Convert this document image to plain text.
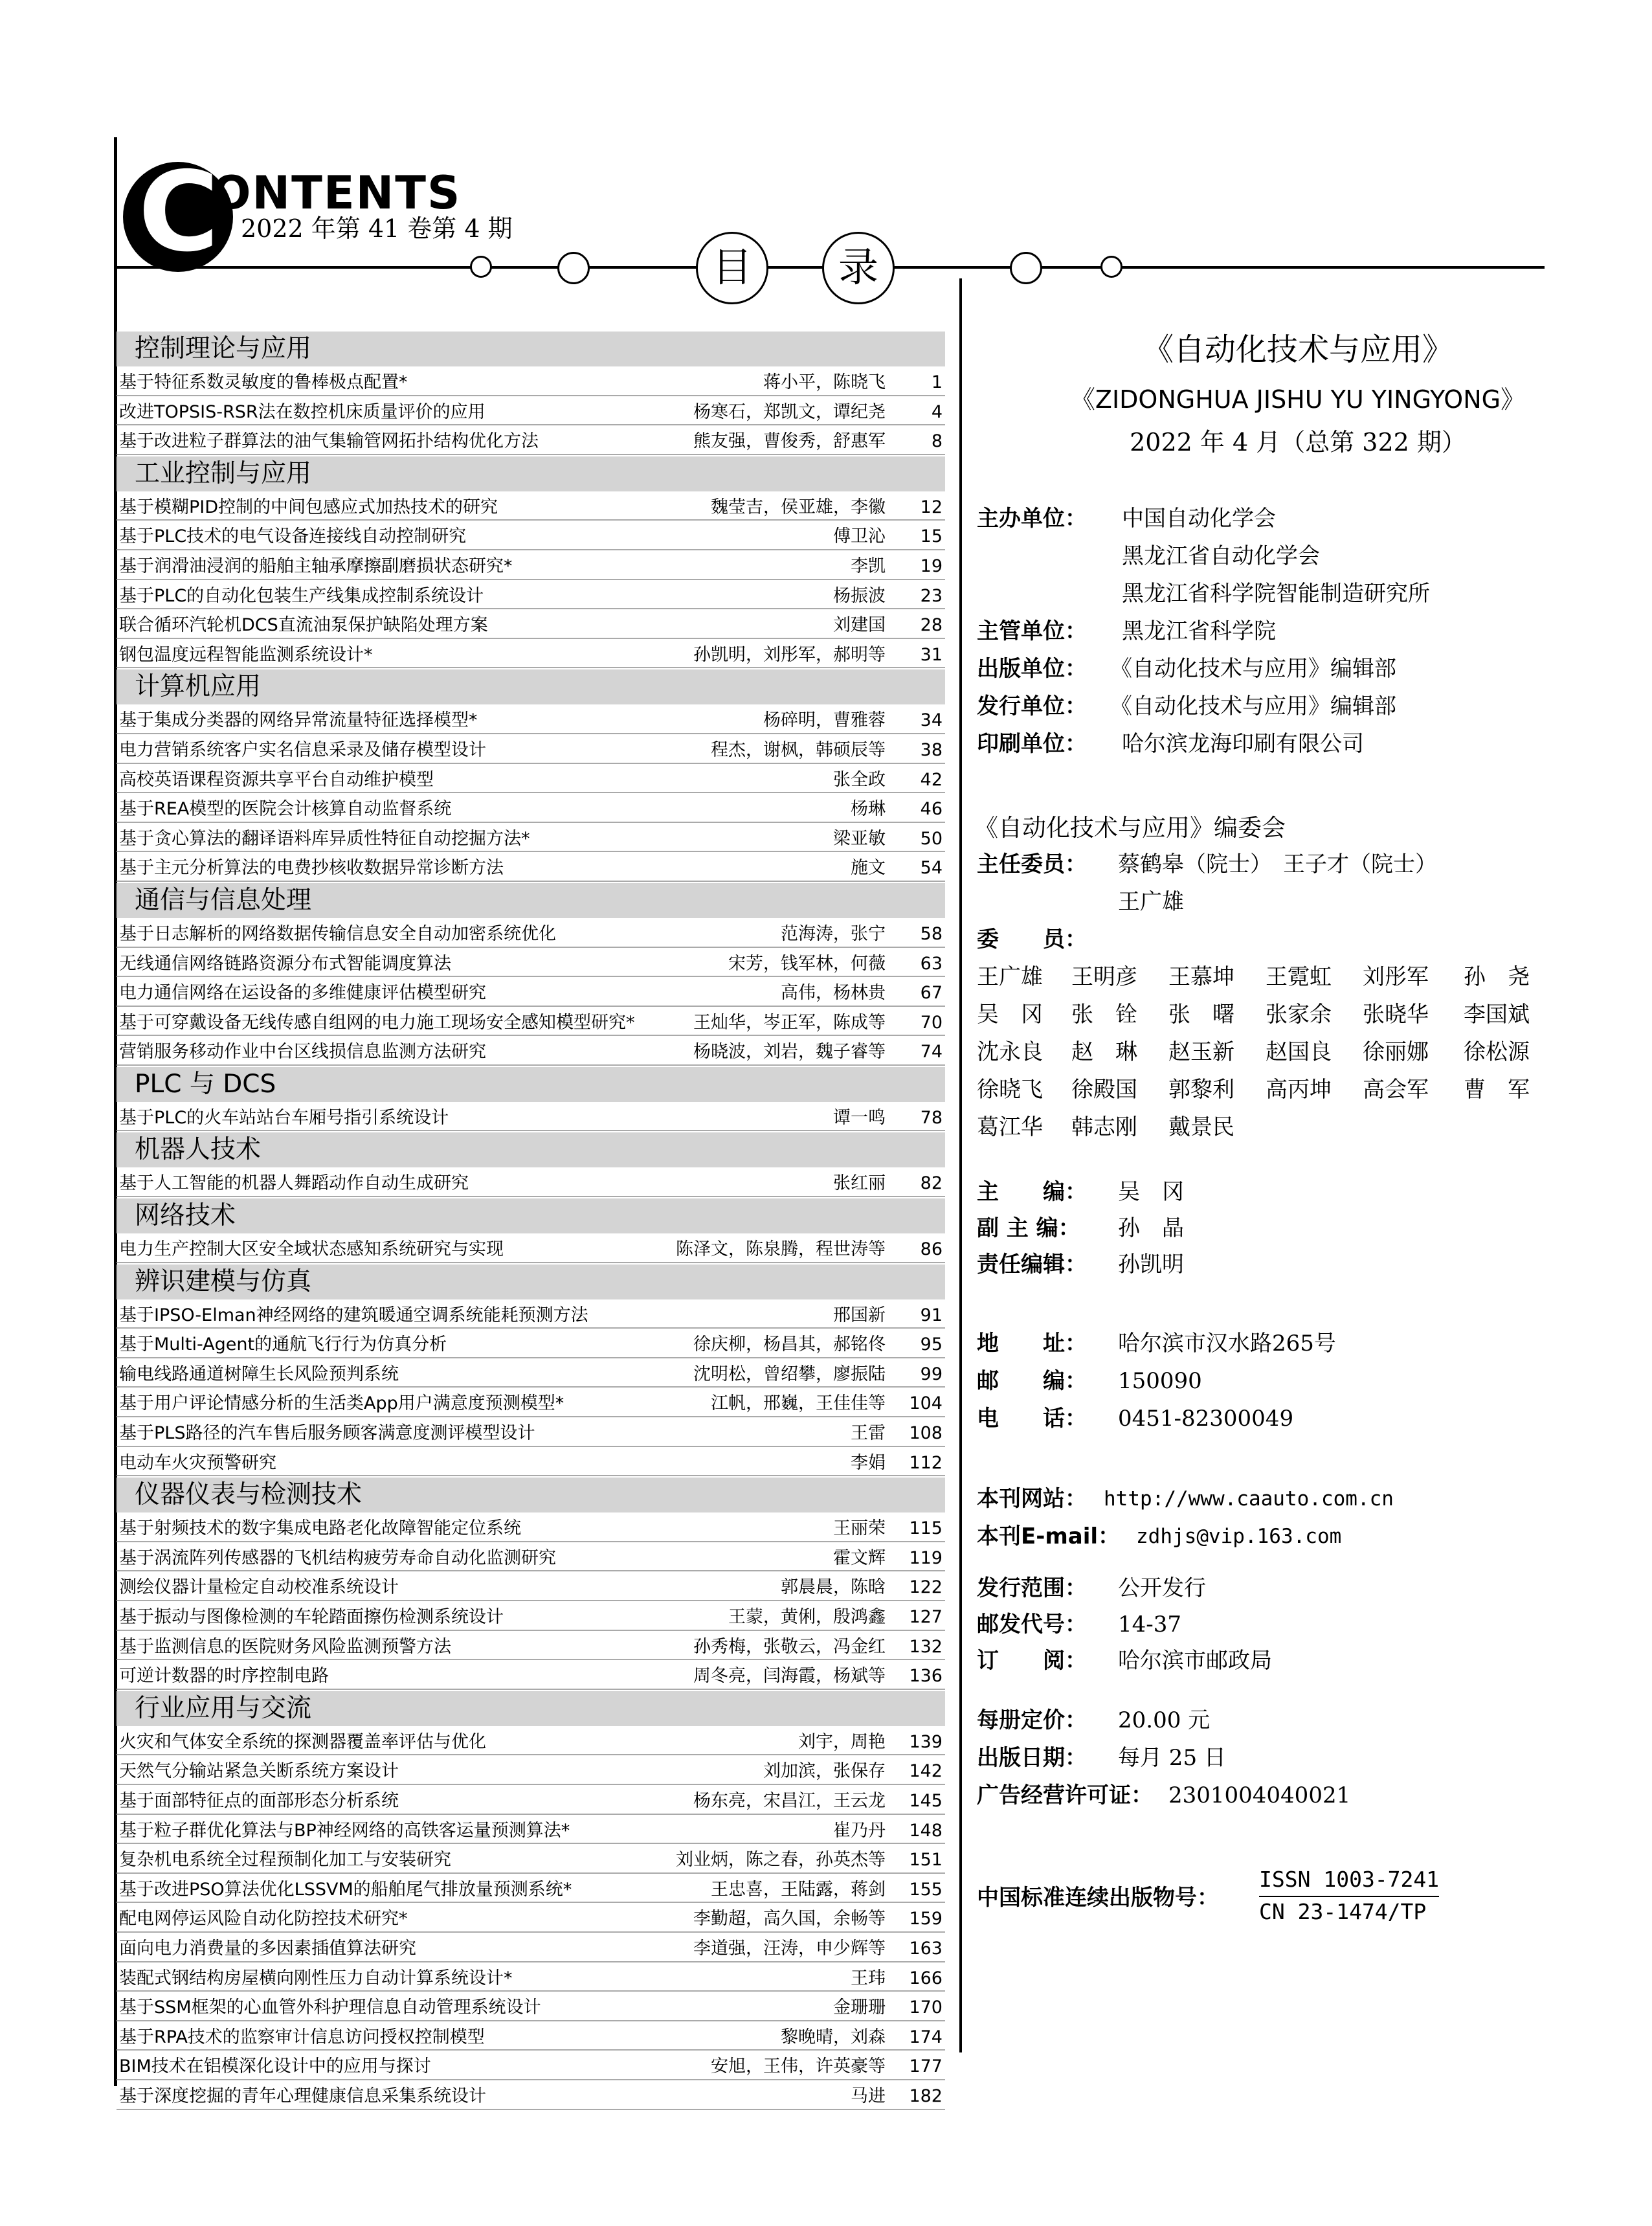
C
ONTENTS
2022 年第 41 卷第 4 期
目	录
控制理论与应用
基于特征系数灵敏度的鲁棒极点配置*	蒋小平，陈晓飞	1
改进TOPSIS-RSR法在数控机床质量评价的应用	杨寒石，郑凯文，谭纪尧	4
基于改进粒子群算法的油气集输管网拓扑结构优化方法	熊友强，曹俊秀，舒惠军	8
工业控制与应用
基于模糊PID控制的中间包感应式加热技术的研究	魏莹吉，侯亚雄，李徽 12
基于PLC技术的电气设备连接线自动控制研究	傅卫沁 15
基于润滑油浸润的船舶主轴承摩擦副磨损状态研究*	李凯 19
基于PLC的自动化包装生产线集成控制系统设计	杨振波 23
联合循环汽轮机DCS直流油泵保护缺陷处理方案	刘建国 28
钢包温度远程智能监测系统设计*	孙凯明，刘彤军，郝明等 31
计算机应用
基于集成分类器的网络异常流量特征选择模型*	杨碎明，曹雅蓉 34
电力营销系统客户实名信息采录及储存模型设计	程杰，谢枫，韩硕辰等 38
高校英语课程资源共享平台自动维护模型	张全政 42
基于REA模型的医院会计核算自动监督系统	杨琳 46
基于贪心算法的翻译语料库异质性特征自动挖掘方法*	梁亚敏 50
基于主元分析算法的电费抄核收数据异常诊断方法	施文 54
通信与信息处理
基于日志解析的网络数据传输信息安全自动加密系统优化	范海涛，张宁 58
无线通信网络链路资源分布式智能调度算法	宋芳，钱军林，何薇 63
电力通信网络在运设备的多维健康评估模型研究	高伟，杨林贵 67
基于可穿戴设备无线传感自组网的电力施工现场安全感知模型研究*	王灿华，岑正军，陈成等 70
营销服务移动作业中台区线损信息监测方法研究	杨晓波，刘岩，魏子睿等 74
PLC 与 DCS
基于PLC的火车站站台车厢号指引系统设计	谭一鸣 78
机器人技术
基于人工智能的机器人舞蹈动作自动生成研究	张红丽 82
网络技术
电力生产控制大区安全域状态感知系统研究与实现	陈泽文，陈泉腾，程世涛等 86
辨识建模与仿真
基于IPSO-Elman神经网络的建筑暖通空调系统能耗预测方法	邢国新 91
基于Multi-Agent的通航飞行行为仿真分析	徐庆柳，杨昌其，郝铭佟 95
输电线路通道树障生长风险预判系统	沈明松，曾绍攀，廖振陆 99
基于用户评论情感分析的生活类App用户满意度预测模型*	江帆，邢巍，王佳佳等 104
基于PLS路径的汽车售后服务顾客满意度测评模型设计	王雷 108
电动车火灾预警研究	李娟 112
仪器仪表与检测技术
基于射频技术的数字集成电路老化故障智能定位系统	王丽荣 115
基于涡流阵列传感器的飞机结构疲劳寿命自动化监测研究	霍文辉 119
测绘仪器计量检定自动校准系统设计	郭晨晨，陈晗 122
基于振动与图像检测的车轮踏面擦伤检测系统设计	王蒙，黄俐，殷鸿鑫 127
基于监测信息的医院财务风险监测预警方法	孙秀梅，张敬云，冯金红 132
可逆计数器的时序控制电路	周冬亮，闫海霞，杨斌等 136
行业应用与交流
火灾和气体安全系统的探测器覆盖率评估与优化	刘宇，周艳 139
天然气分输站紧急关断系统方案设计	刘加滨，张保存 142
基于面部特征点的面部形态分析系统	杨东亮，宋昌江，王云龙 145
基于粒子群优化算法与BP神经网络的高铁客运量预测算法*	崔乃丹 148
复杂机电系统全过程预制化加工与安装研究	刘业炳，陈之春，孙英杰等 151
基于改进PSO算法优化LSSVM的船舶尾气排放量预测系统*	王忠喜，王陆露，蒋剑 155
配电网停运风险自动化防控技术研究*	李勤超，高久国，余畅等 159
面向电力消费量的多因素插值算法研究	李道强，汪涛，申少辉等 163
装配式钢结构房屋横向刚性压力自动计算系统设计*	王玮 166
基于SSM框架的心血管外科护理信息自动管理系统设计	金珊珊 170
基于RPA技术的监察审计信息访问授权控制模型	黎晚晴，刘森 174
BIM技术在铝模深化设计中的应用与探讨	安旭，王伟，许英豪等 177
基于深度挖掘的青年心理健康信息采集系统设计	马进 182
《自动化技术与应用》
《ZIDONGHUA JISHU YU YINGYONG》
2022 年 4 月（总第 322 期）
主办单位： 中国自动化学会
黑龙江省自动化学会
黑龙江省科学院智能制造研究所
主管单位： 黑龙江省科学院
出版单位： 《自动化技术与应用》编辑部
发行单位： 《自动化技术与应用》编辑部
印刷单位： 哈尔滨龙海印刷有限公司
《自动化技术与应用》编委会
主任委员： 蔡鹤皋（院士）　王子才（院士）
王广雄
委　　员：
王广雄 王明彦 王慕坤 王霓虹 刘彤军 孙　尧
吴　冈 张　铨 张　曙 张家余 张晓华 李国斌
沈永良 赵　琳 赵玉新 赵国良 徐丽娜 徐松源
徐晓飞 徐殿国 郭黎利 高丙坤 高会军 曹　军
葛江华 韩志刚 戴景民
主　　编： 吴　冈
副 主 编： 孙　晶
责任编辑： 孙凯明
地　　址： 哈尔滨市汉水路265号
邮　　编： 150090
电　　话： 0451-82300049
本刊网站： http://www.caauto.com.cn
本刊E-mail： zdhjs@vip.163.com
发行范围： 公开发行
邮发代号： 14-37
订　　阅： 哈尔滨市邮政局
每册定价： 20.00 元
出版日期： 每月 25 日
广告经营许可证： 2301004040021
中国标准连续出版物号：
ISSN 1003-7241
CN 23-1474/TP
